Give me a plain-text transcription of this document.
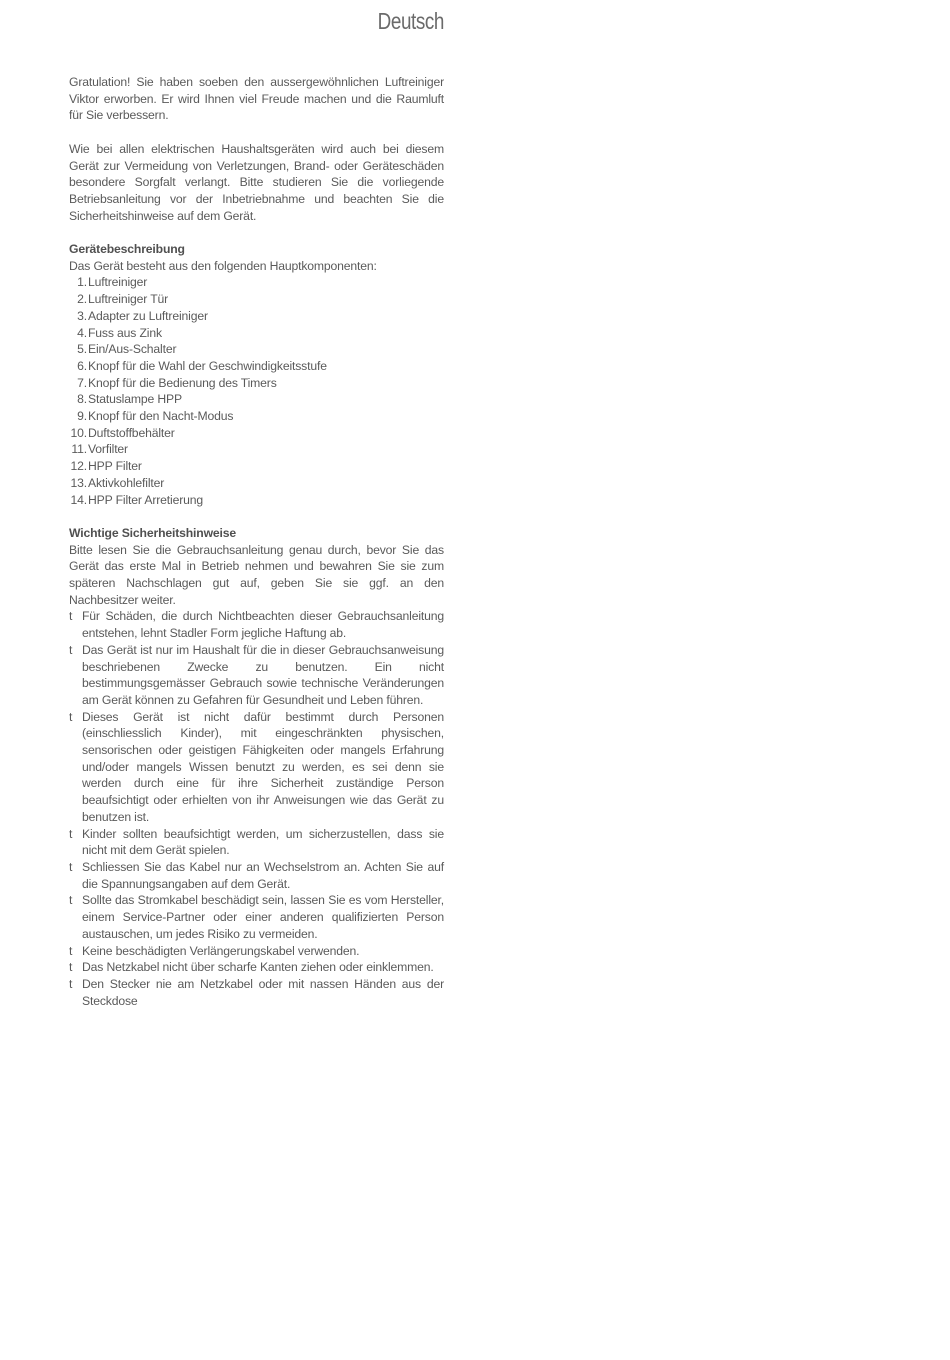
Deutsch

Gratulation! Sie haben soeben den aussergewöhnlichen Luftreiniger Viktor erworben. Er wird Ihnen viel Freude machen und die Raumluft für Sie verbessern.

Wie bei allen elektrischen Haushaltsgeräten wird auch bei diesem Gerät zur Vermeidung von Verletzungen, Brand- oder Geräteschäden besondere Sorgfalt verlangt. Bitte studieren Sie die vorliegende Betriebsanleitung vor der Inbetriebnahme und beachten Sie die Sicherheitshinweise auf dem Gerät.

Gerätebeschreibung

Das Gerät besteht aus den folgenden Hauptkomponenten:

1. Luftreiniger
2. Luftreiniger Tür
3. Adapter zu Luftreiniger
4. Fuss aus Zink
5. Ein/Aus-Schalter
6. Knopf für die Wahl der Geschwindigkeitsstufe
7. Knopf für die Bedienung des Timers
8. Statuslampe HPP
9. Knopf für den Nacht-Modus
10. Duftstoffbehälter
11. Vorfilter
12. HPP Filter
13. Aktivkohlefilter
14. HPP Filter Arretierung

Wichtige Sicherheitshinweise

Bitte lesen Sie die Gebrauchsanleitung genau durch, bevor Sie das Gerät das erste Mal in Betrieb nehmen und bewahren Sie sie zum späteren Nachschlagen gut auf, geben Sie sie ggf. an den Nachbesitzer weiter.

t Für Schäden, die durch Nichtbeachten dieser Gebrauchsanleitung entstehen, lehnt Stadler Form jegliche Haftung ab.
t Das Gerät ist nur im Haushalt für die in dieser Gebrauchsanweisung beschriebenen Zwecke zu benutzen. Ein nicht bestimmungsgemässer Gebrauch sowie technische Veränderungen am Gerät können zu Gefahren für Gesundheit und Leben führen.
t Dieses Gerät ist nicht dafür bestimmt durch Personen (einschliesslich Kinder), mit eingeschränkten physischen, sensorischen oder geistigen Fähigkeiten oder mangels Erfahrung und/oder mangels Wissen benutzt zu werden, es sei denn sie werden durch eine für ihre Sicherheit zuständige Person beaufsichtigt oder erhielten von ihr Anweisungen wie das Gerät zu benutzen ist.
t Kinder sollten beaufsichtigt werden, um sicherzustellen, dass sie nicht mit dem Gerät spielen.
t Schliessen Sie das Kabel nur an Wechselstrom an. Achten Sie auf die Spannungsangaben auf dem Gerät.
t Sollte das Stromkabel beschädigt sein, lassen Sie es vom Hersteller, einem Service-Partner oder einer anderen qualifizierten Person austauschen, um jedes Risiko zu vermeiden.
t Keine beschädigten Verlängerungskabel verwenden.
t Das Netzkabel nicht über scharfe Kanten ziehen oder einklemmen.
t Den Stecker nie am Netzkabel oder mit nassen Händen aus der Steckdose
